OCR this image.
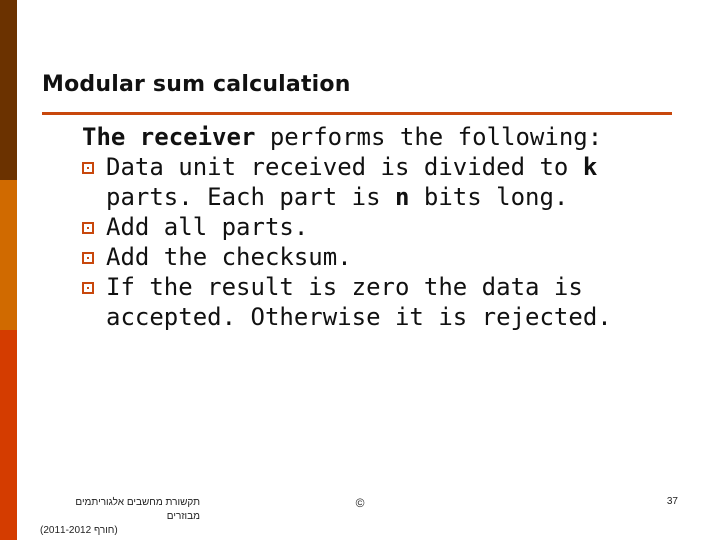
Modular sum calculation

The receiver performs the following:

Data unit received is divided to k parts. Each part is n bits long.
Add all parts.
Add the checksum.
If the result is zero the data is accepted. Otherwise it is rejected.
תקשורת מחשבים אלגוריתמים מבוזרים
(2011-2012 חורף)
©	37
